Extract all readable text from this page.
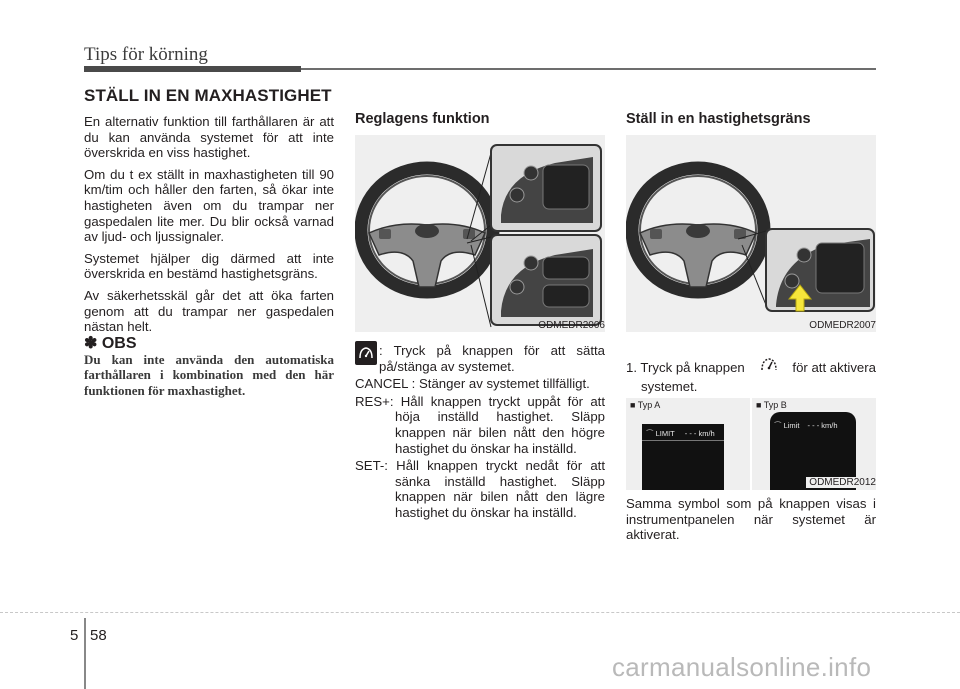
Tips för körning
STÄLL IN EN MAXHASTIGHET

En alternativ funktion till farthållaren är att du kan använda systemet för att inte överskrida en viss hastighet.

Om du t ex ställt in maxhastigheten till 90 km/tim och håller den farten, så ökar inte hastigheten även om du trampar ner gaspedalen lite mer. Du blir också varnad av ljud- och ljussignaler.

Systemet hjälper dig därmed att inte överskrida en bestämd hastighetsgräns.

Av säkerhetsskäl går det att öka farten genom att du trampar ner gaspedalen nästan helt.

✽ OBS
Du kan inte använda den automatiska farthållaren i kombination med den här funktionen för maxhastighet.
Reglagens funktion
ODMEDR2006
: Tryck på knappen för att sätta på/stänga av systemet.
CANCEL : Stänger av systemet tillfälligt.
RES+: Håll knappen tryckt uppåt för att höja inställd hastighet. Släpp knappen när bilen nått den högre hastighet du önskar ha inställd.
SET-: Håll knappen tryckt nedåt för att sänka inställd hastighet. Släpp knappen när bilen nått den lägre hastighet du önskar ha inställd.
Ställ in en hastighetsgräns
ODMEDR2007
1. Tryck på knappen	för att aktivera
systemet.
■ Typ A	■ Typ B
⌒ LIMIT - - - km/h
⌒ Limit - - - km/h
ODMEDR2012
Samma symbol som på knappen visas i instrumentpanelen när systemet är aktiverat.
5 58
carmanualsonline.info
